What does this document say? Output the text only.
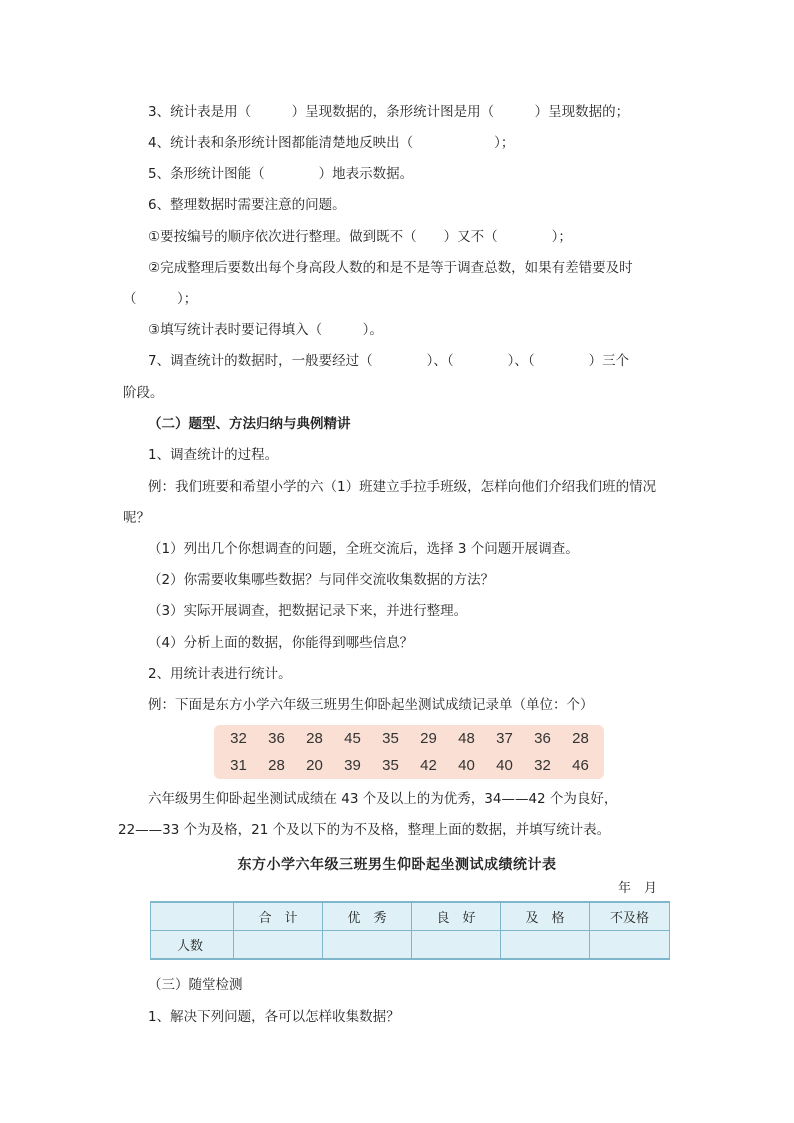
3、统计表是用（　　　）呈现数据的，条形统计图是用（　　　）呈现数据的；
4、统计表和条形统计图都能清楚地反映出（　　　　　　）；
5、条形统计图能（　　　　）地表示数据。
6、整理数据时需要注意的问题。
①要按编号的顺序依次进行整理。做到既不（　　）又不（　　　　）；
②完成整理后要数出每个身高段人数的和是不是等于调查总数，如果有差错要及时
（　　　）；
③填写统计表时要记得填入（　　　）。
7、调查统计的数据时，一般要经过（　　　　）、（　　　　）、（　　　　）三个
阶段。
（二）题型、方法归纳与典例精讲
1、调查统计的过程。
例：我们班要和希望小学的六（1）班建立手拉手班级，怎样向他们介绍我们班的情况
呢？
（1）列出几个你想调查的问题，全班交流后，选择 3 个问题开展调查。
（2）你需要收集哪些数据？与同伴交流收集数据的方法？
（3）实际开展调查，把数据记录下来，并进行整理。
（4）分析上面的数据，你能得到哪些信息？
2、用统计表进行统计。
例：下面是东方小学六年级三班男生仰卧起坐测试成绩记录单（单位：个）
32	36	28	45	35	29	48	37	36	28
31	28	20	39	35	42	40	40	32	46
六年级男生仰卧起坐测试成绩在 43 个及以上的为优秀，34——42 个为良好，
22——33 个为及格，21 个及以下的为不及格，整理上面的数据，并填写统计表。
东方小学六年级三班男生仰卧起坐测试成绩统计表
年　月
	合　计	优　秀	良　好	及　格	不及格
人数					
（三）随堂检测
1、解决下列问题，各可以怎样收集数据？
